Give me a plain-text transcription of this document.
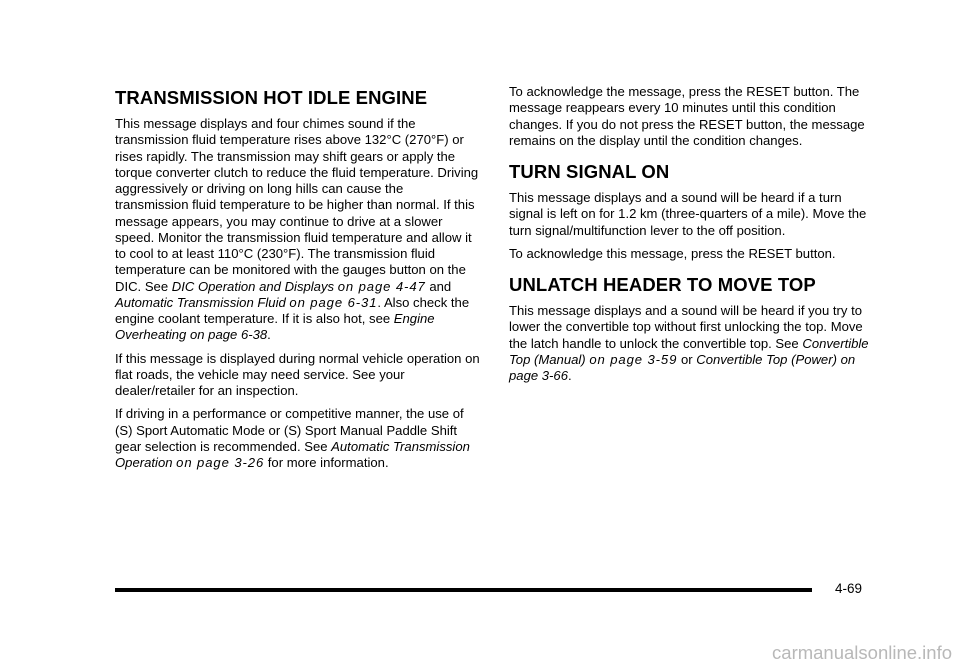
TRANSMISSION HOT IDLE ENGINE

This message displays and four chimes sound if the transmission fluid temperature rises above 132°C (270°F) or rises rapidly. The transmission may shift gears or apply the torque converter clutch to reduce the fluid temperature. Driving aggressively or driving on long hills can cause the transmission fluid temperature to be higher than normal. If this message appears, you may continue to drive at a slower speed. Monitor the transmission fluid temperature and allow it to cool to at least 110°C (230°F). The transmission fluid temperature can be monitored with the gauges button on the DIC. See DIC Operation and Displays on page 4-47 and Automatic Transmission Fluid on page 6-31. Also check the engine coolant temperature. If it is also hot, see Engine Overheating on page 6-38.

If this message is displayed during normal vehicle operation on flat roads, the vehicle may need service. See your dealer/retailer for an inspection.

If driving in a performance or competitive manner, the use of (S) Sport Automatic Mode or (S) Sport Manual Paddle Shift gear selection is recommended. See Automatic Transmission Operation on page 3-26 for more information.

To acknowledge the message, press the RESET button. The message reappears every 10 minutes until this condition changes. If you do not press the RESET button, the message remains on the display until the condition changes.

TURN SIGNAL ON

This message displays and a sound will be heard if a turn signal is left on for 1.2 km (three-quarters of a mile). Move the turn signal/multifunction lever to the off position.

To acknowledge this message, press the RESET button.

UNLATCH HEADER TO MOVE TOP

This message displays and a sound will be heard if you try to lower the convertible top without first unlocking the top. Move the latch handle to unlock the convertible top. See Convertible Top (Manual) on page 3-59 or Convertible Top (Power) on page 3-66.

4-69
carmanualsonline.info
